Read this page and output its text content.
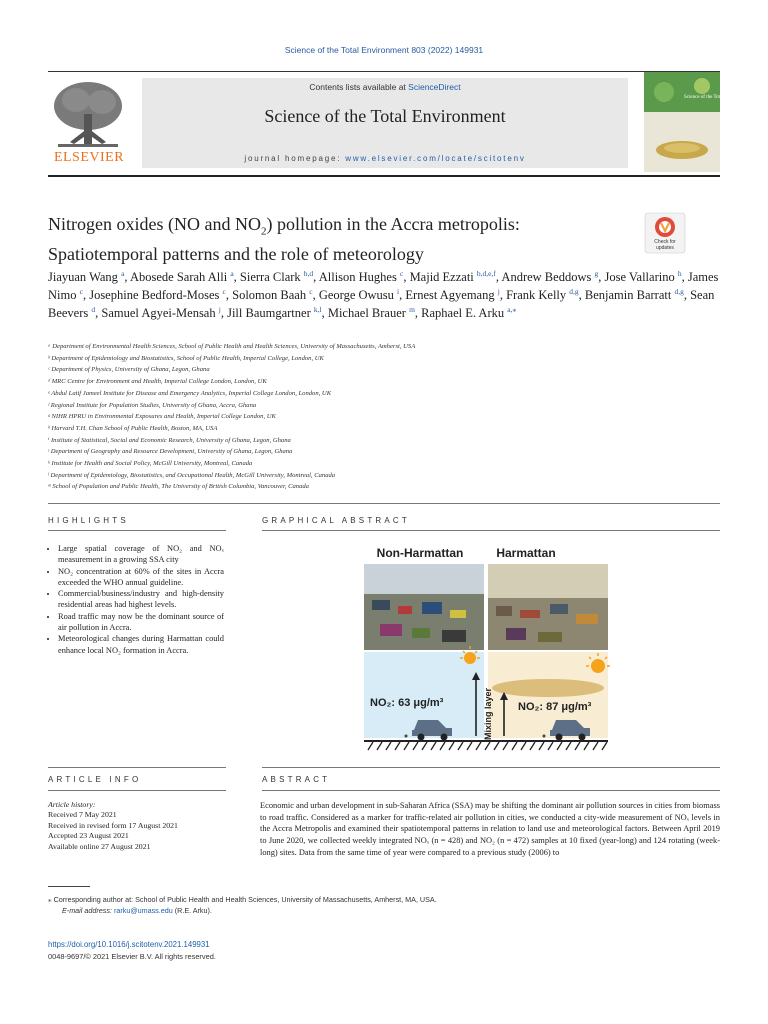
Science of the Total Environment 803 (2022) 149931
ELSEVIER
Contents lists available at ScienceDirect
Science of the Total Environment
journal homepage: www.elsevier.com/locate/scitotenv
Science of the Total Environment
Nitrogen oxides (NO and $NO_2$) pollution in the Accra metropolis:
Spatiotemporal patterns and the role of meteorology
Check for
updates
Jiayuan Wang $^a$, Abosede Sarah Alli $^a$, Sierra Clark $^{b,d}$, Allison Hughes $^c$, Majid Ezzati $^{b,d,e,f}$, Andrew Beddows $^g$, Jose Vallarino $^h$, James Nimo $^c$, Josephine Bedford-Moses $^c$, Solomon Baah $^c$, George Owusu $^i$, Ernest Agyemang $^j$, Frank Kelly $^{d,g}$, Benjamin Barratt $^{d,g}$, Sean Beevers $^d$, Samuel Agyei-Mensah $^j$, Jill Baumgartner $^{k,l}$, Michael Brauer $^m$, Raphael E. Arku $^{a,⁎}$
ᵃ Department of Environmental Health Sciences, School of Public Health and Health Sciences, University of Massachusetts, Amherst, USA
ᵇ Department of Epidemiology and Biostatistics, School of Public Health, Imperial College, London, UK
ᶜ Department of Physics, University of Ghana, Legon, Ghana
ᵈ MRC Centre for Environment and Health, Imperial College London, London, UK
ᵉ Abdul Latif Jameel Institute for Disease and Emergency Analytics, Imperial College London, London, UK
ᶠ Regional Institute for Population Studies, University of Ghana, Accra, Ghana
ᵍ NIHR HPRU in Environmental Exposures and Health, Imperial College London, UK
ʰ Harvard T.H. Chan School of Public Health, Boston, MA, USA
ⁱ Institute of Statistical, Social and Economic Research, University of Ghana, Legon, Ghana
ʲ Department of Geography and Resource Development, University of Ghana, Legon, Ghana
ᵏ Institute for Health and Social Policy, McGill University, Montreal, Canada
ˡ Department of Epidemiology, Biostatistics, and Occupational Health, McGill University, Montreal, Canada
ᵐ School of Population and Public Health, The University of British Columbia, Vancouver, Canada
HIGHLIGHTS	GRAPHICAL ABSTRACT
• Large spatial coverage of NO₂ and NOₓ measurement in a growing SSA city
• NO₂ concentration at 60% of the sites in Accra exceeded the WHO annual guideline.
• Commercial/business/industry and high-density residential areas had highest levels.
• Road traffic may now be the dominant source of air pollution in Accra.
• Meteorological changes during Harmattan could enhance local NO₂ formation in Accra.
Non-Harmattan	Harmattan
Mixing layer
NO₂: 63 μg/m³	NO₂: 87 μg/m³
ARTICLE INFO	ABSTRACT
Article history:
Received 7 May 2021
Received in revised form 17 August 2021
Accepted 23 August 2021
Available online 27 August 2021
Economic and urban development in sub-Saharan Africa (SSA) may be shifting the dominant air pollution sources in cities from biomass to road traffic. Considered as a marker for traffic-related air pollution in cities, we conducted a city-wide measurement of NOₓ levels in the Accra Metropolis and examined their spatiotemporal patterns in relation to land use and meteorological factors. Between April 2019 to June 2020, we collected weekly integrated NOₓ (n = 428) and NO₂ (n = 472) samples at 10 fixed (year-long) and 124 rotating (week-long) sites. Data from the same time of year were compared to a previous study (2006) to
⁎ Corresponding author at: School of Public Health and Health Sciences, University of Massachusetts, Amherst, MA, USA.
E-mail address: rarku@umass.edu (R.E. Arku).
https://doi.org/10.1016/j.scitotenv.2021.149931
0048-9697/© 2021 Elsevier B.V. All rights reserved.
